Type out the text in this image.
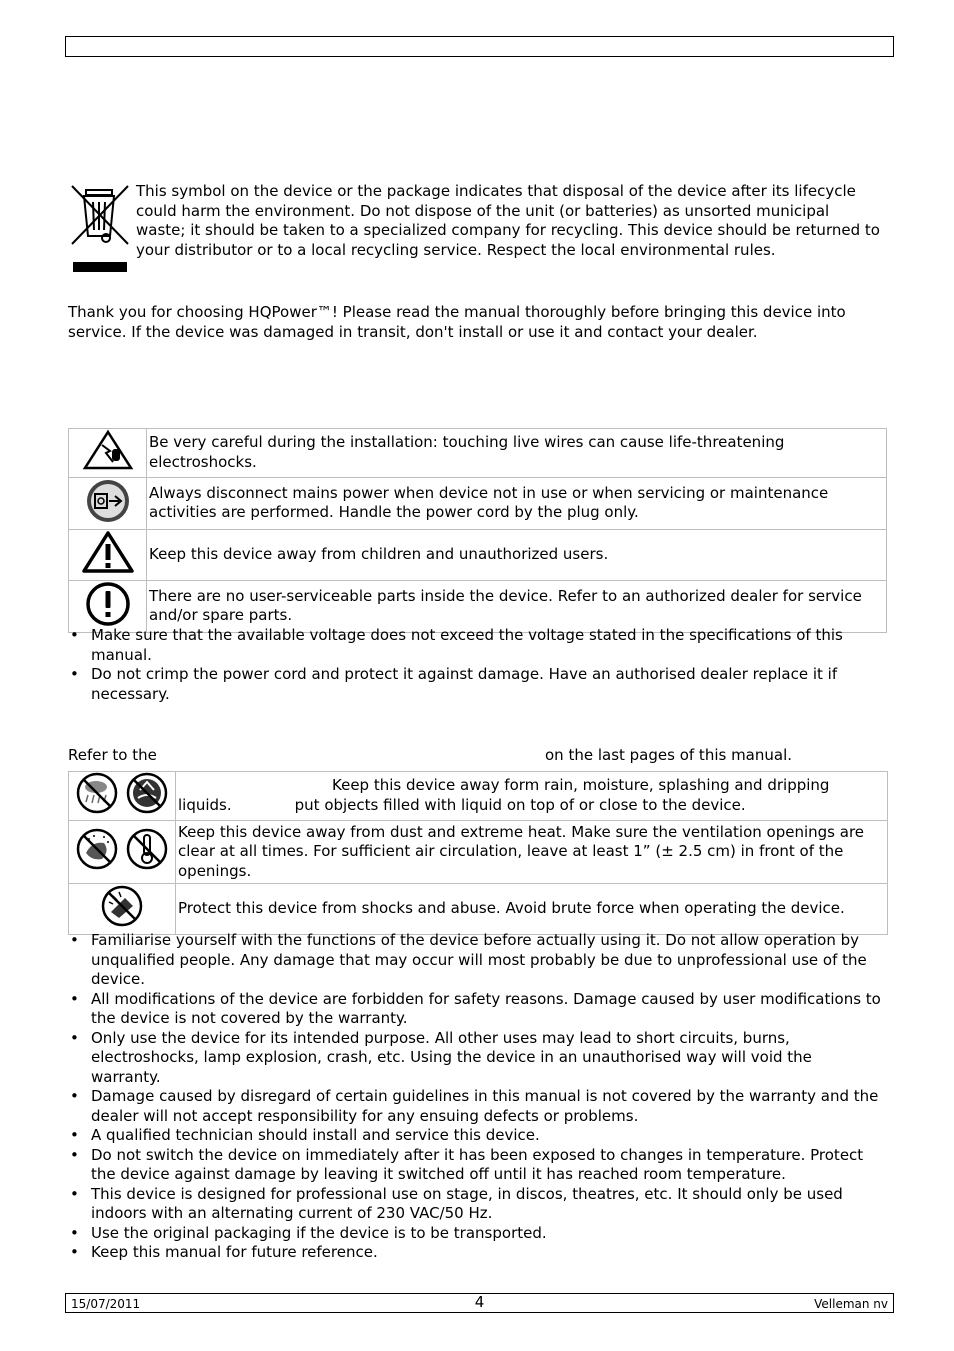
This symbol on the device or the package indicates that disposal of the device after its lifecycle could harm the environment. Do not dispose of the unit (or batteries) as unsorted municipal waste; it should be taken to a specialized company for recycling. This device should be returned to your distributor or to a local recycling service. Respect the local environmental rules.
Thank you for choosing HQPower™! Please read the manual thoroughly before bringing this device into service. If the device was damaged in transit, don't install or use it and contact your dealer.
	Be very careful during the installation: touching live wires can cause life-threatening electroshocks.
	Always disconnect mains power when device not in use or when servicing or maintenance activities are performed. Handle the power cord by the plug only.
	Keep this device away from children and unauthorized users.
	There are no user-serviceable parts inside the device. Refer to an authorized dealer for service and/or spare parts.
• Make sure that the available voltage does not exceed the voltage stated in the specifications of this manual.
• Do not crimp the power cord and protect it against damage. Have an authorised dealer replace it if necessary.
Refer to the	on the last pages of this manual.

Keep this device away form rain, moisture, splashing and dripping
liquids. put objects filled with liquid on top of or close to the device.

	Keep this device away from dust and extreme heat. Make sure the ventilation openings are clear at all times. For sufficient air circulation, leave at least 1” (± 2.5 cm) in front of the openings.
	Protect this device from shocks and abuse. Avoid brute force when operating the device.
• Familiarise yourself with the functions of the device before actually using it. Do not allow operation by unqualified people. Any damage that may occur will most probably be due to unprofessional use of the device.
• All modifications of the device are forbidden for safety reasons. Damage caused by user modifications to the device is not covered by the warranty.
• Only use the device for its intended purpose. All other uses may lead to short circuits, burns, electroshocks, lamp explosion, crash, etc. Using the device in an unauthorised way will void the warranty.
• Damage caused by disregard of certain guidelines in this manual is not covered by the warranty and the dealer will not accept responsibility for any ensuing defects or problems.
• A qualified technician should install and service this device.
• Do not switch the device on immediately after it has been exposed to changes in temperature. Protect the device against damage by leaving it switched off until it has reached room temperature.
• This device is designed for professional use on stage, in discos, theatres, etc. It should only be used indoors with an alternating current of 230 VAC/50 Hz.
• Use the original packaging if the device is to be transported.
• Keep this manual for future reference.
15/07/2011	4	Velleman nv
